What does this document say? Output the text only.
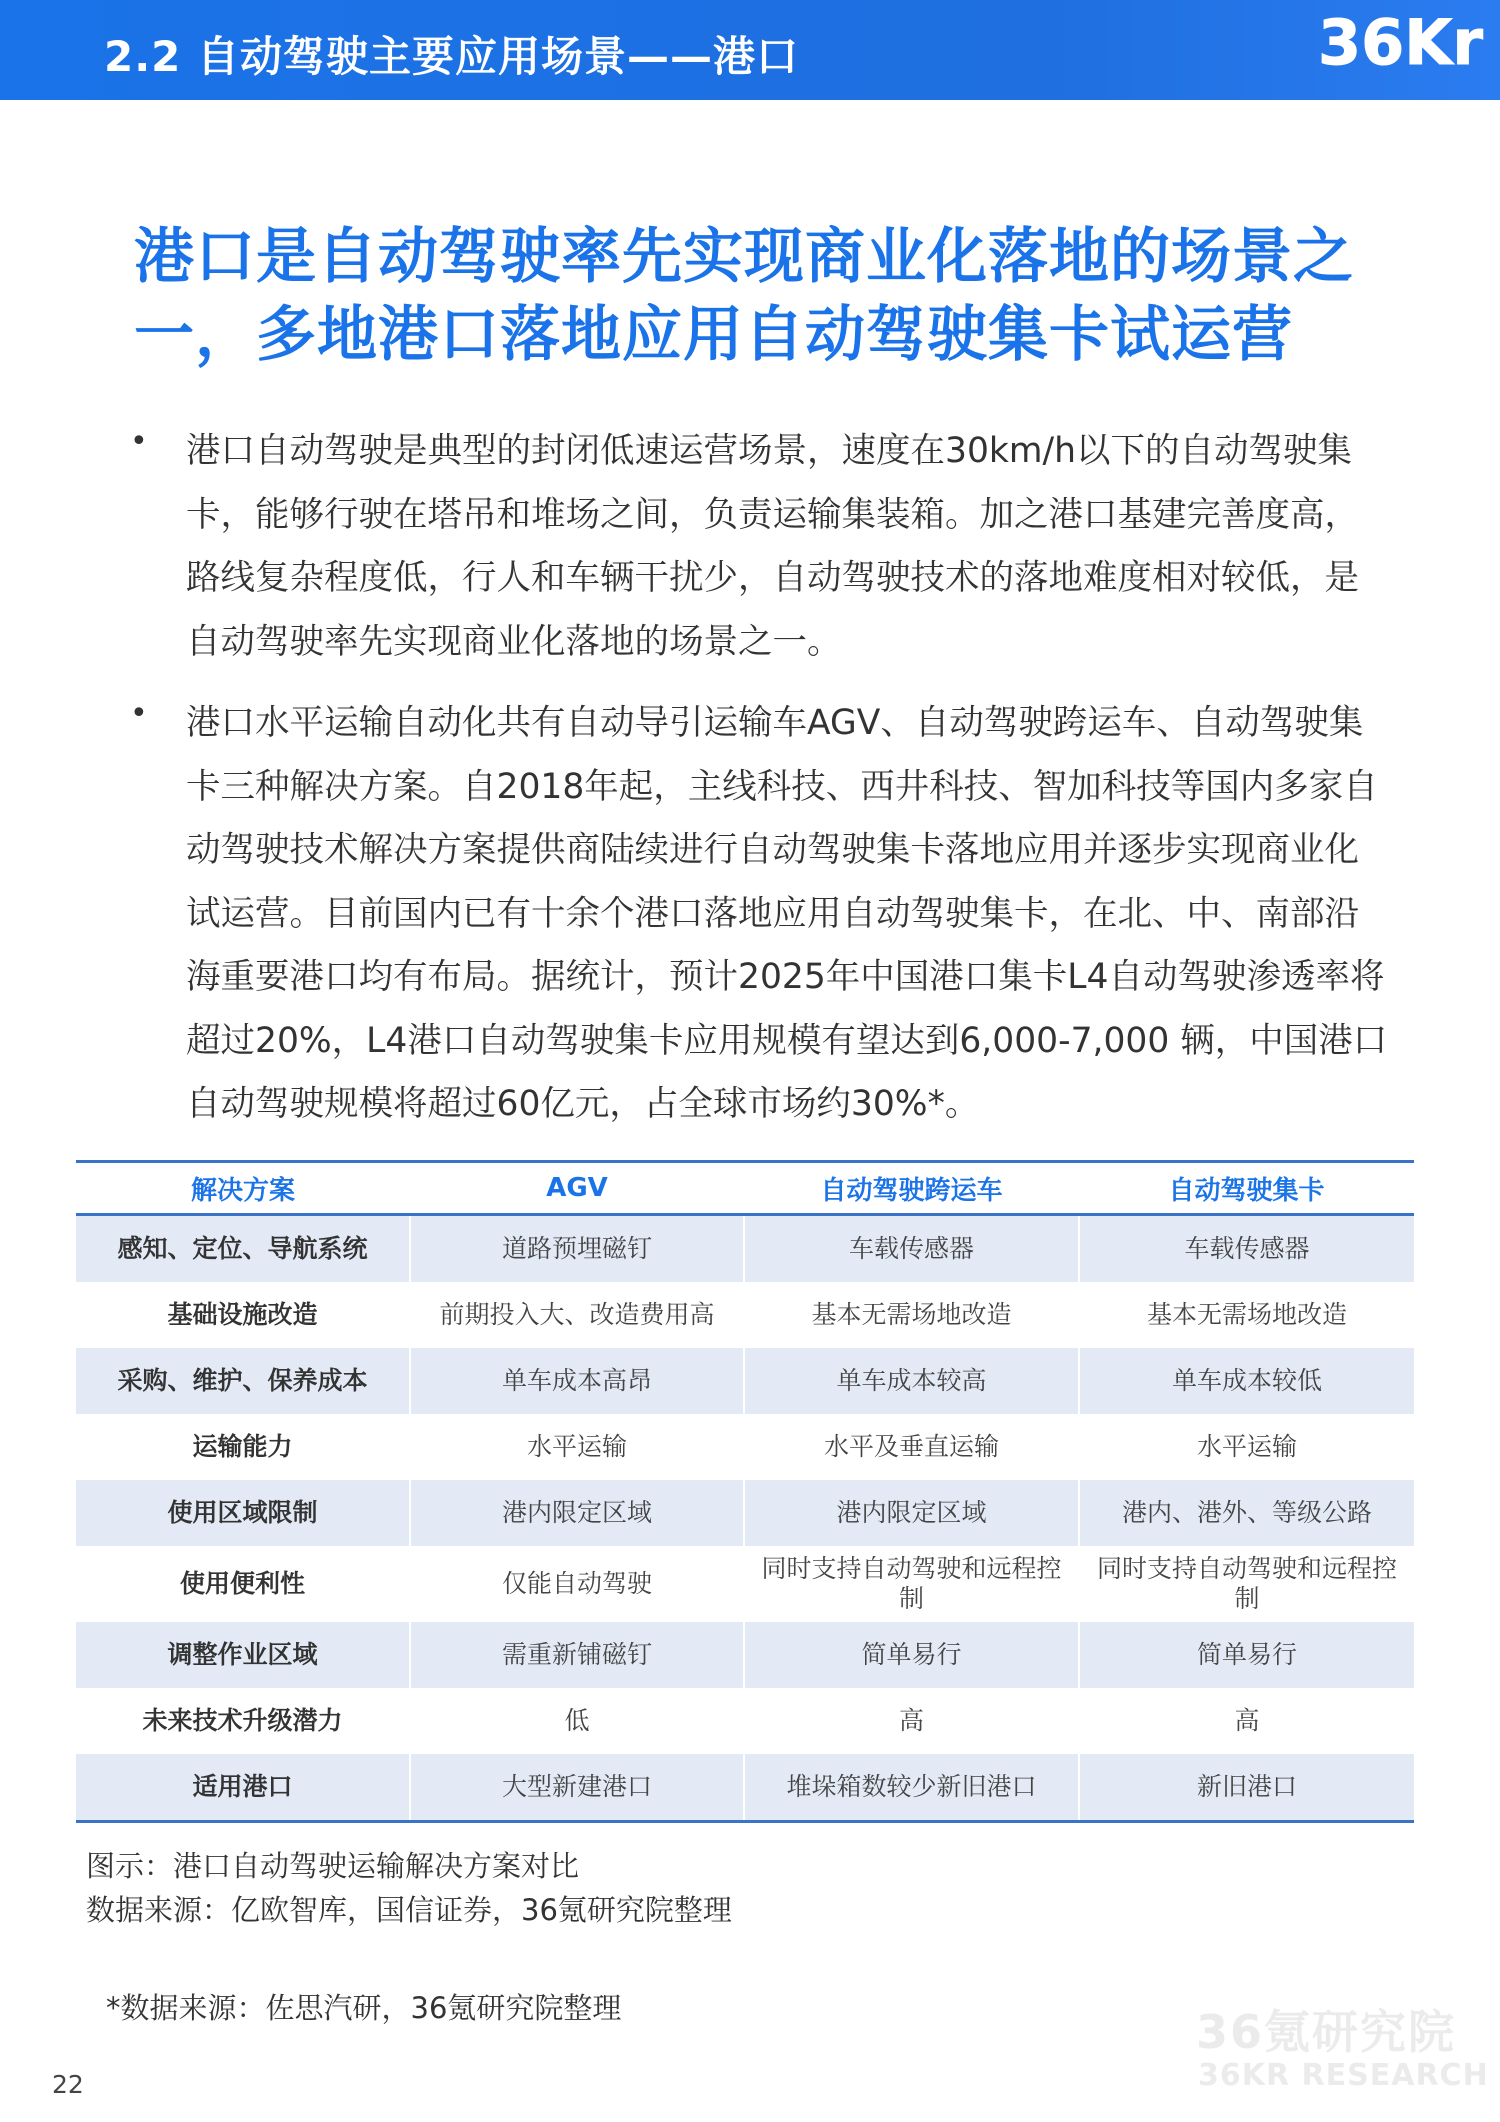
2.2 自动驾驶主要应用场景——港口	36Kr
港口是自动驾驶率先实现商业化落地的场景之一，多地港口落地应用自动驾驶集卡试运营
• 港口自动驾驶是典型的封闭低速运营场景，速度在30km/h以下的自动驾驶集卡，能够行驶在塔吊和堆场之间，负责运输集装箱。加之港口基建完善度高，路线复杂程度低，行人和车辆干扰少，自动驾驶技术的落地难度相对较低，是自动驾驶率先实现商业化落地的场景之一。
• 港口水平运输自动化共有自动导引运输车AGV、自动驾驶跨运车、自动驾驶集卡三种解决方案。自2018年起，主线科技、西井科技、智加科技等国内多家自动驾驶技术解决方案提供商陆续进行自动驾驶集卡落地应用并逐步实现商业化试运营。目前国内已有十余个港口落地应用自动驾驶集卡，在北、中、南部沿海重要港口均有布局。据统计，预计2025年中国港口集卡L4自动驾驶渗透率将超过20%，L4港口自动驾驶集卡应用规模有望达到6,000-7,000 辆，中国港口自动驾驶规模将超过60亿元，占全球市场约30%*。
解决方案	AGV	自动驾驶跨运车	自动驾驶集卡
感知、定位、导航系统	道路预埋磁钉	车载传感器	车载传感器
基础设施改造	前期投入大、改造费用高	基本无需场地改造	基本无需场地改造
采购、维护、保养成本	单车成本高昂	单车成本较高	单车成本较低
运输能力	水平运输	水平及垂直运输	水平运输
使用区域限制	港内限定区域	港内限定区域	港内、港外、等级公路
使用便利性	仅能自动驾驶	同时支持自动驾驶和远程控制	同时支持自动驾驶和远程控制
调整作业区域	需重新铺磁钉	简单易行	简单易行
未来技术升级潜力	低	高	高
适用港口	大型新建港口	堆垛箱数较少新旧港口	新旧港口
图示：港口自动驾驶运输解决方案对比
数据来源：亿欧智库，国信证券，36氪研究院整理
*数据来源：佐思汽研，36氪研究院整理	36氪研究院
36KR RESEARCH
22
